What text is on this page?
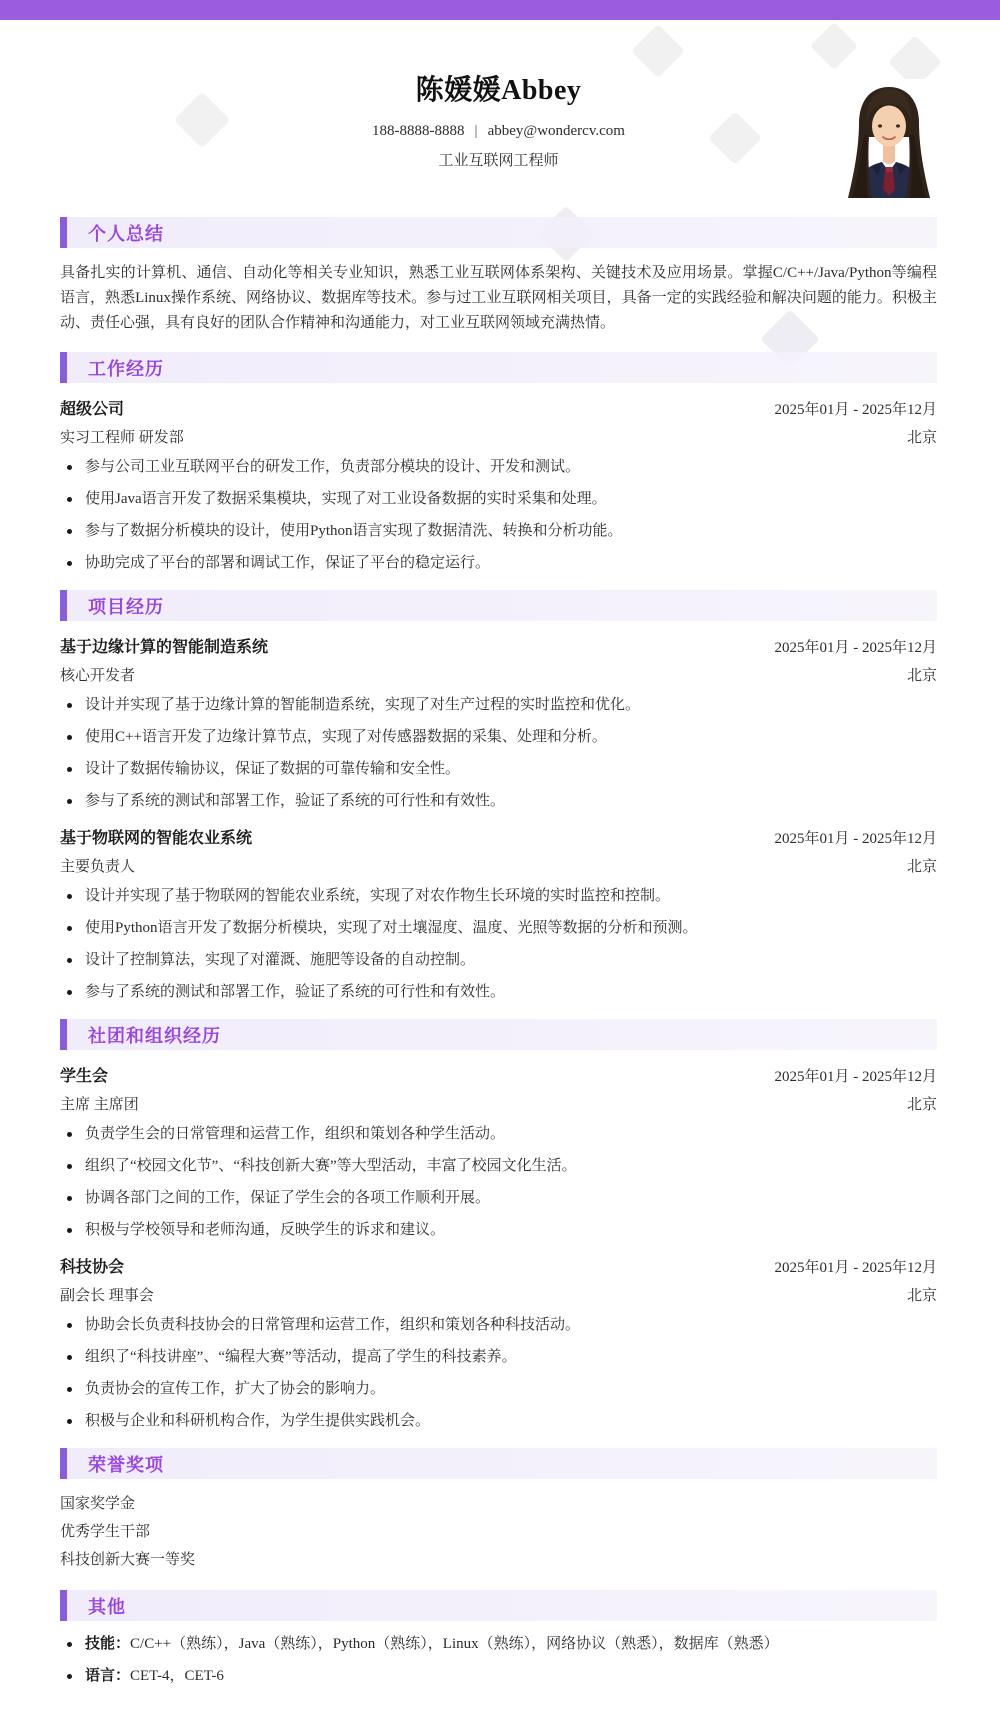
陈媛媛Abbey
188-8888-8888 | abbey@wondercv.com
工业互联网工程师
个人总结

具备扎实的计算机、通信、自动化等相关专业知识，熟悉工业互联网体系架构、关键技术及应用场景。掌握C/C++/Java/Python等编程语言，熟悉Linux操作系统、网络协议、数据库等技术。参与过工业互联网相关项目，具备一定的实践经验和解决问题的能力。积极主动、责任心强，具有良好的团队合作精神和沟通能力，对工业互联网领域充满热情。

工作经历
超级公司	2025年01月 - 2025年12月
实习工程师 研发部	北京
参与公司工业互联网平台的研发工作，负责部分模块的设计、开发和测试。
使用Java语言开发了数据采集模块，实现了对工业设备数据的实时采集和处理。
参与了数据分析模块的设计，使用Python语言实现了数据清洗、转换和分析功能。
协助完成了平台的部署和调试工作，保证了平台的稳定运行。
项目经历
基于边缘计算的智能制造系统	2025年01月 - 2025年12月
核心开发者	北京
设计并实现了基于边缘计算的智能制造系统，实现了对生产过程的实时监控和优化。
使用C++语言开发了边缘计算节点，实现了对传感器数据的采集、处理和分析。
设计了数据传输协议，保证了数据的可靠传输和安全性。
参与了系统的测试和部署工作，验证了系统的可行性和有效性。
基于物联网的智能农业系统	2025年01月 - 2025年12月
主要负责人	北京
设计并实现了基于物联网的智能农业系统，实现了对农作物生长环境的实时监控和控制。
使用Python语言开发了数据分析模块，实现了对土壤湿度、温度、光照等数据的分析和预测。
设计了控制算法，实现了对灌溉、施肥等设备的自动控制。
参与了系统的测试和部署工作，验证了系统的可行性和有效性。
社团和组织经历
学生会	2025年01月 - 2025年12月
主席 主席团	北京
负责学生会的日常管理和运营工作，组织和策划各种学生活动。
组织了“校园文化节”、“科技创新大赛”等大型活动，丰富了校园文化生活。
协调各部门之间的工作，保证了学生会的各项工作顺利开展。
积极与学校领导和老师沟通，反映学生的诉求和建议。
科技协会	2025年01月 - 2025年12月
副会长 理事会	北京
协助会长负责科技协会的日常管理和运营工作，组织和策划各种科技活动。
组织了“科技讲座”、“编程大赛”等活动，提高了学生的科技素养。
负责协会的宣传工作，扩大了协会的影响力。
积极与企业和科研机构合作，为学生提供实践机会。
荣誉奖项
国家奖学金
优秀学生干部
科技创新大赛一等奖
其他
技能：C/C++（熟练），Java（熟练），Python（熟练），Linux（熟练），网络协议（熟悉），数据库（熟悉）
语言：CET-4，CET-6
